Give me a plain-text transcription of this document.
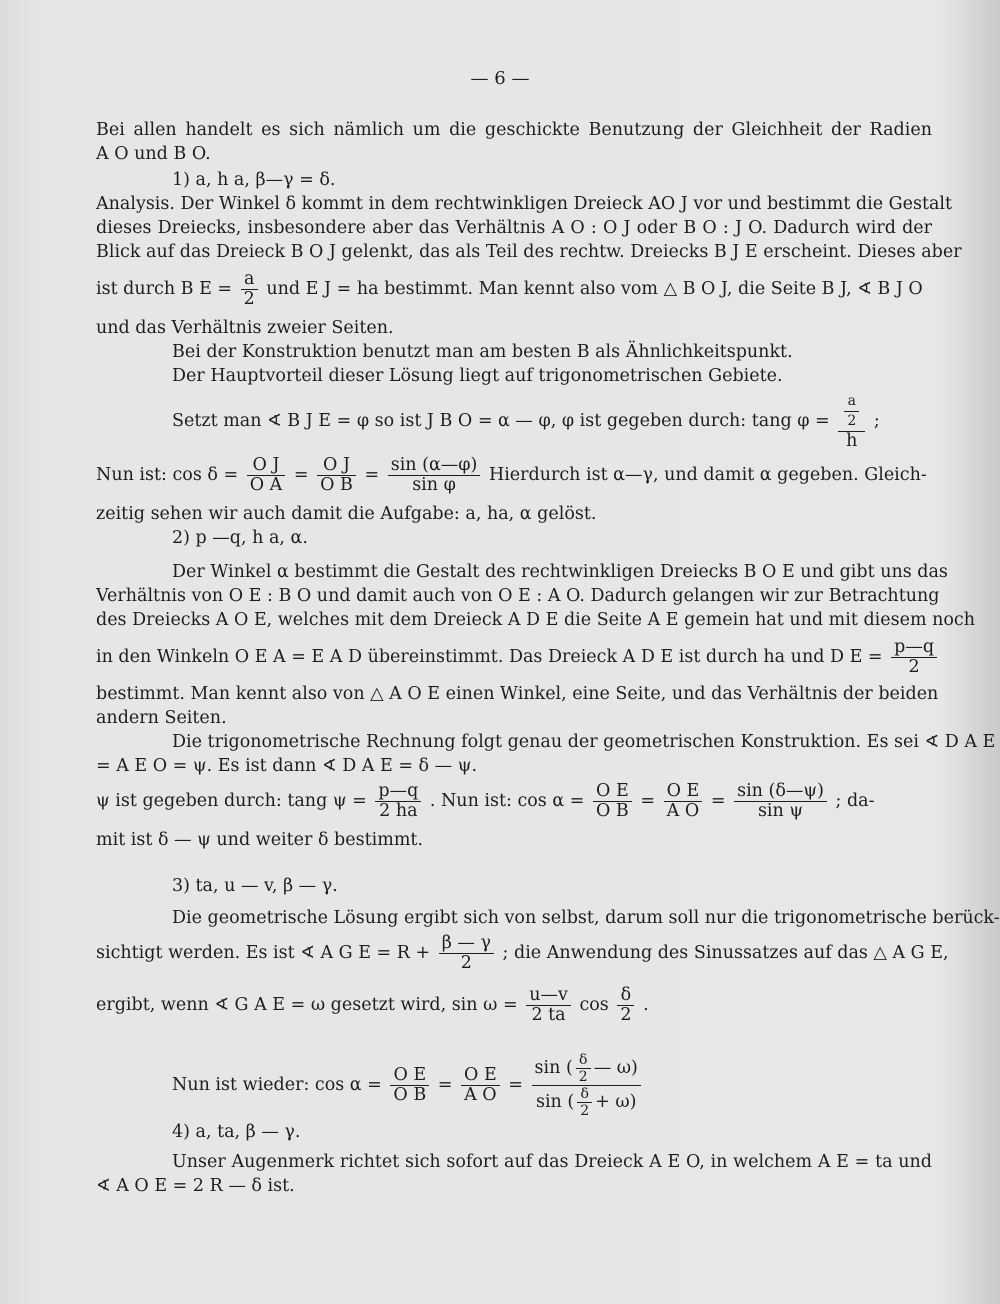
— 6 —
Bei allen handelt es sich nämlich um die geschickte Benutzung der Gleichheit der Radien
A O und B O.
1) a, h a, β—γ = δ.
Analysis. Der Winkel δ kommt in dem rechtwinkligen Dreieck AO J vor und bestimmt die Gestalt
dieses Dreiecks, insbesondere aber das Verhältnis A O : O J oder B O : J O. Dadurch wird der
Blick auf das Dreieck B O J gelenkt, das als Teil des rechtw. Dreiecks B J E erscheint. Dieses aber
ist durch B $E = \frac{a}{2}$ und E J = ha bestimmt. Man kennt also vom △ B O J, die Seite B J, ∢ B J O
und das Verhältnis zweier Seiten.
Bei der Konstruktion benutzt man am besten B als Ähnlichkeitspunkt.
Der Hauptvorteil dieser Lösung liegt auf trigonometrischen Gebiete.
Setzt man ∢ B J E = φ so ist J B O = α — φ, φ ist gegeben durch: tang $\varphi = \frac{\frac{a}{2}}{h}$ ;
Nun ist: $\cos \delta = \frac{\text{O J}}{\text{O A}} = \frac{\text{O J}}{\text{O B}} = \frac{\sin (\alpha—\varphi)}{\text{sin φ}}$ Hierdurch ist α—γ, und damit α gegeben. Gleich-
zeitig sehen wir auch damit die Aufgabe: a, ha, α gelöst.
2) p —q, h a, α.
Der Winkel α bestimmt die Gestalt des rechtwinkligen Dreiecks B O E und gibt uns das
Verhältnis von O E : B O und damit auch von O E : A O. Dadurch gelangen wir zur Betrachtung
des Dreiecks A O E, welches mit dem Dreieck A D E die Seite A E gemein hat und mit diesem noch
in den Winkeln O E A = E A D übereinstimmt. Das Dreieck A D E ist durch ha und D $E = \frac{p—q}{2}$
bestimmt. Man kennt also von △ A O E einen Winkel, eine Seite, und das Verhältnis der beiden
andern Seiten.
Die trigonometrische Rechnung folgt genau der geometrischen Konstruktion. Es sei ∢ D A E
= A E O = ψ. Es ist dann ∢ D A E = δ — ψ.
ψ ist gegeben durch: tang $\psi = \frac{p—q}{2 ha}$ . Nun ist: $\cos \alpha = \frac{\text{O E}}{\text{O B}} = \frac{\text{O E}}{\text{A O}} = \frac{\sin (\delta—\psi)}{\text{sin ψ}}$ ; da-
mit ist δ — ψ und weiter δ bestimmt.
3) ta, u — v, β — γ.
Die geometrische Lösung ergibt sich von selbst, darum soll nur die trigonometrische berück-
sichtigt werden. Es ist ∢ A G $E = R + \frac{\beta — \gamma}{2}$ ; die Anwendung des Sinussatzes auf das △ A G E,
ergibt, wenn ∢ G A E = ω gesetzt wird, $\sin \omega = \frac{u—v}{2 ta}$ $\cos \frac{\delta}{2}$ .
Nun ist wieder: $\cos \alpha = \frac{\text{O E}}{\text{O B}} = \frac{\text{O E}}{\text{A O}} = \frac{\sin ( \frac{\delta}{2} — \omega)}{\sin ( \frac{\delta}{2} + \omega)}$
4) a, ta, β — γ.
Unser Augenmerk richtet sich sofort auf das Dreieck A E O, in welchem A E = ta und
∢ A O E = 2 R — δ ist.
